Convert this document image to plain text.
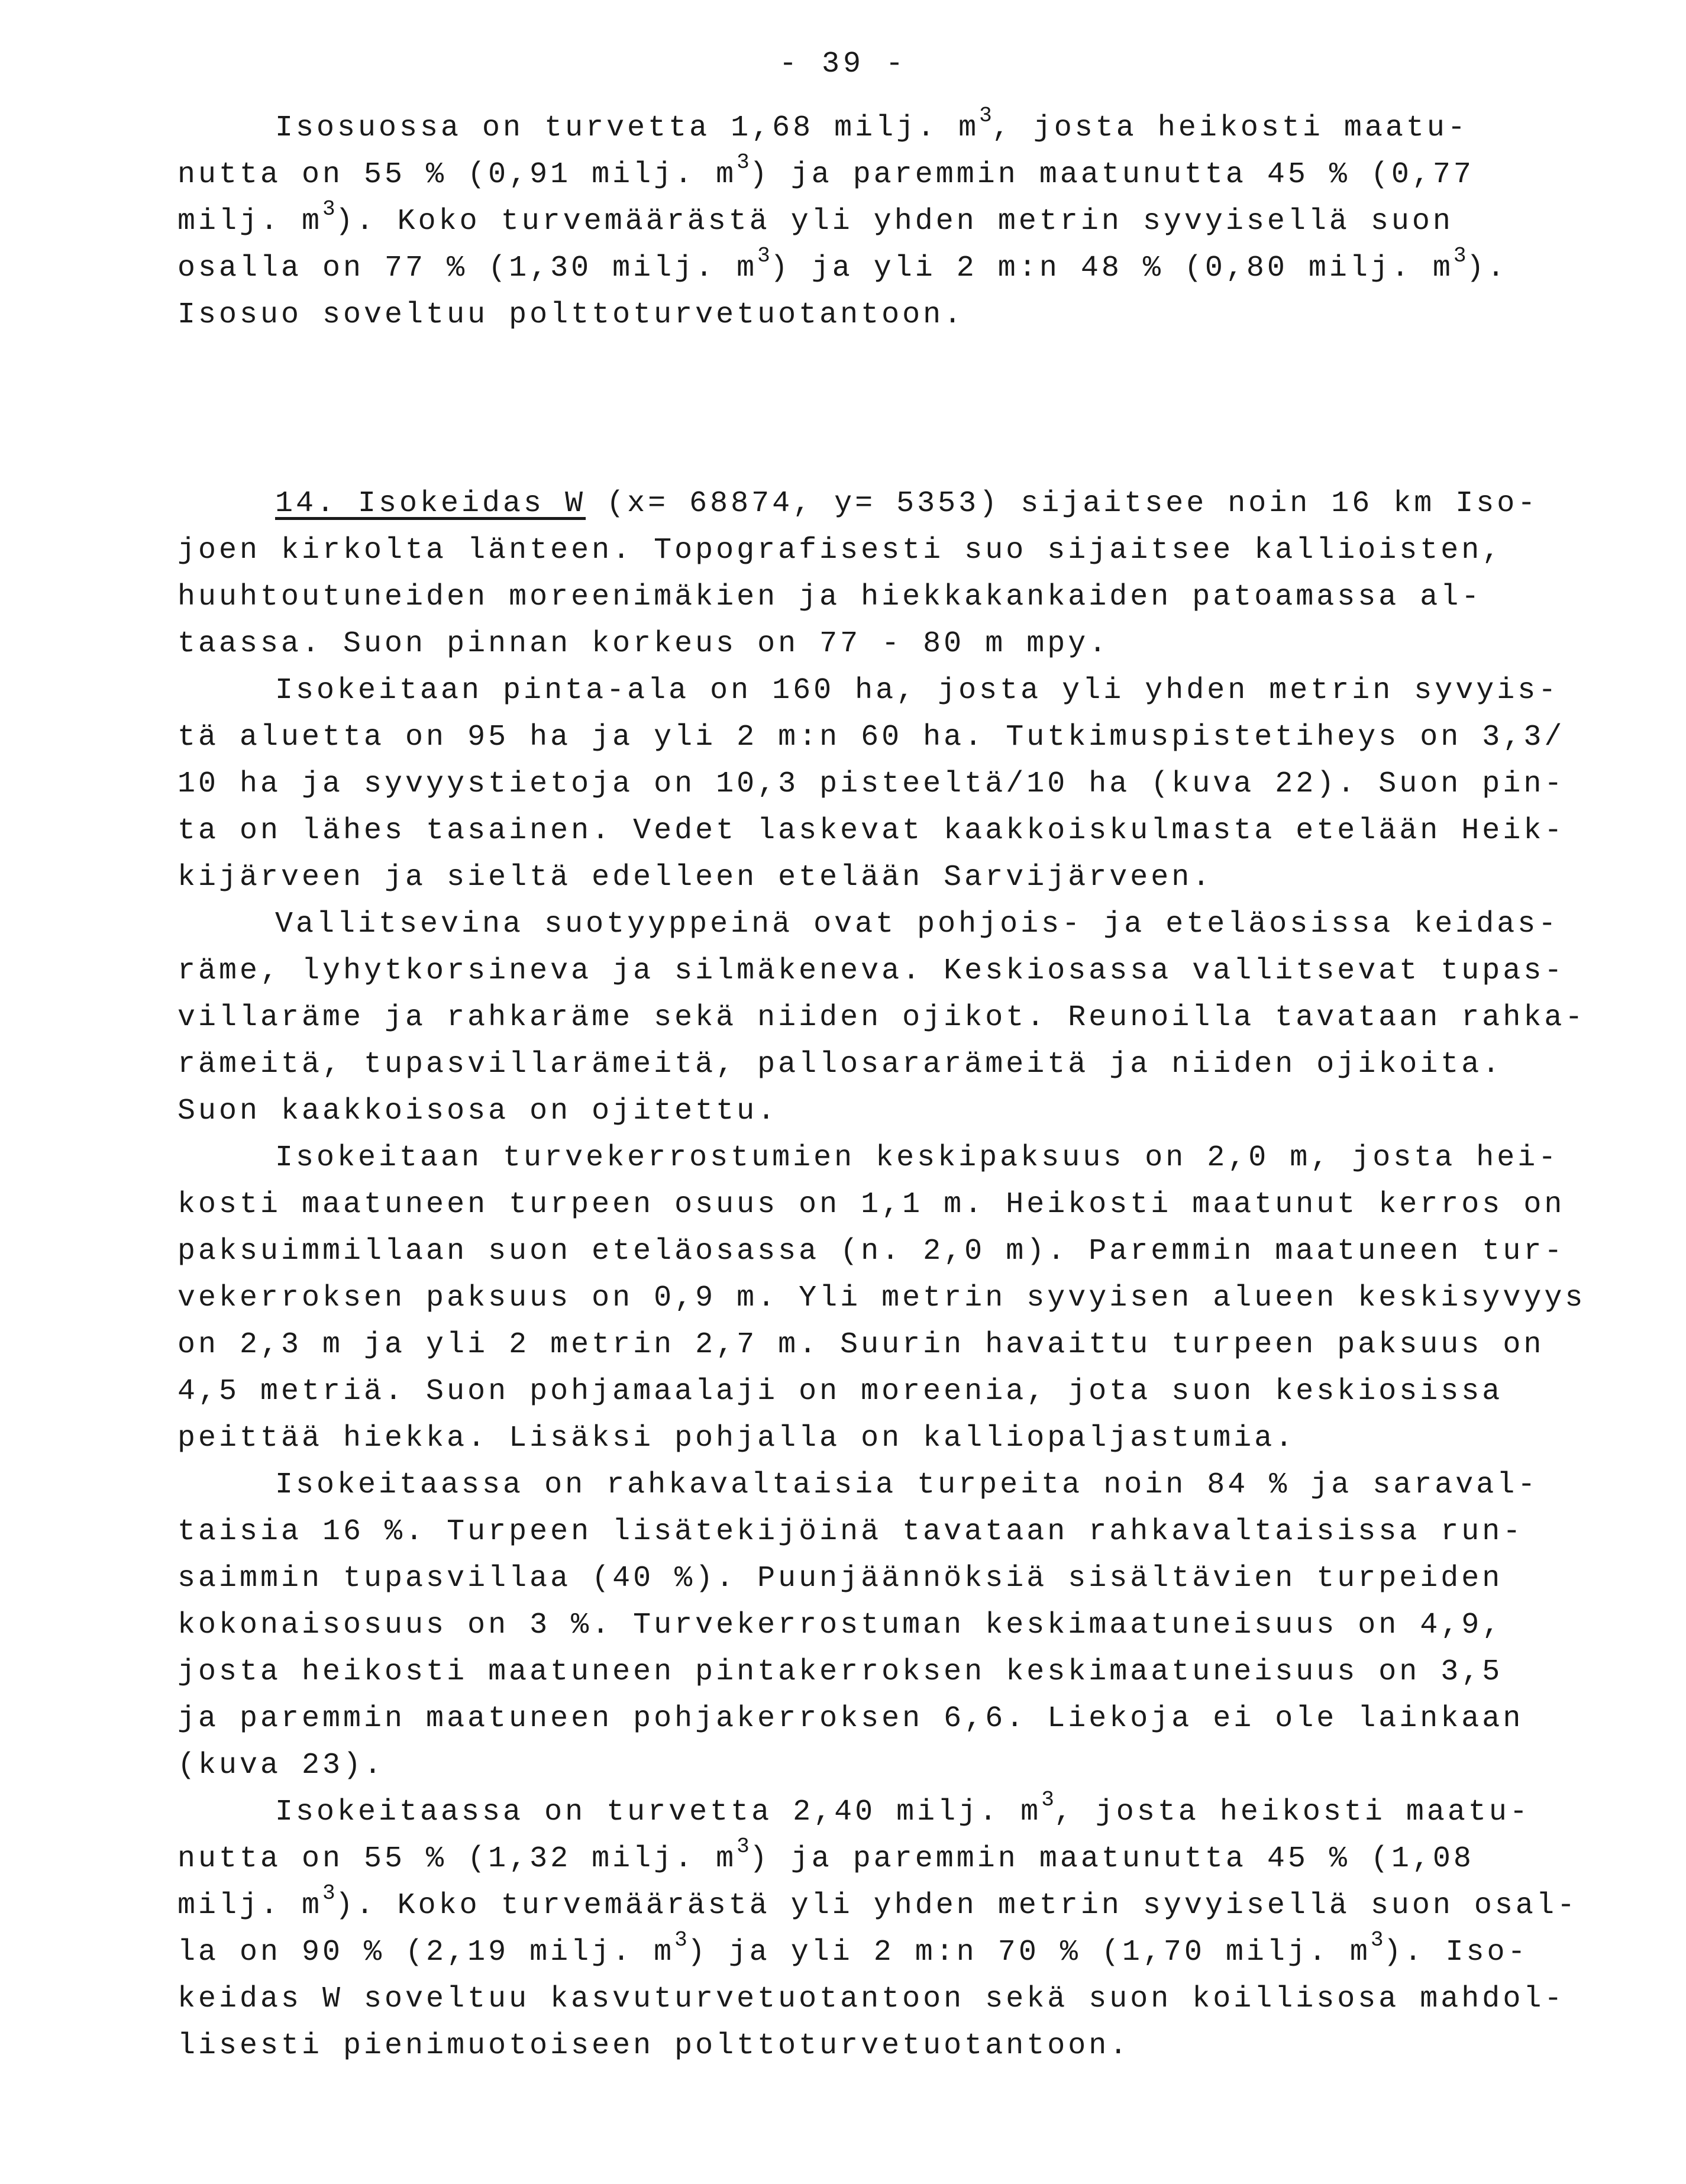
- 39 -
Isosuossa on turvetta 1,68 milj. $m^3$, josta heikosti maatu-
nutta on 55 % (0,91 milj. $m^3$) ja paremmin maatunutta 45 % (0,77
milj. $m^3$). Koko turvemäärästä yli yhden metrin syvyisellä suon
osalla on 77 % (1,30 milj. $m^3$) ja yli 2 m:n 48 % (0,80 milj. $m^3$).
Isosuo soveltuu polttoturvetuotantoon.
14. Isokeidas W (x= 68874, y= 5353) sijaitsee noin 16 km Iso-
joen kirkolta länteen. Topografisesti suo sijaitsee kallioisten,
huuhtoutuneiden moreenimäkien ja hiekkakankaiden patoamassa al-
taassa. Suon pinnan korkeus on 77 - 80 m mpy.
Isokeitaan pinta-ala on 160 ha, josta yli yhden metrin syvyis-
tä aluetta on 95 ha ja yli 2 m:n 60 ha. Tutkimuspistetiheys on 3,3/
10 ha ja syvyystietoja on 10,3 pisteeltä/10 ha (kuva 22). Suon pin-
ta on lähes tasainen. Vedet laskevat kaakkoiskulmasta etelään Heik-
kijärveen ja sieltä edelleen etelään Sarvijärveen.
Vallitsevina suotyyppeinä ovat pohjois- ja eteläosissa keidas-
räme, lyhytkorsineva ja silmäkeneva. Keskiosassa vallitsevat tupas-
villaräme ja rahkaräme sekä niiden ojikot. Reunoilla tavataan rahka-
rämeitä, tupasvillarämeitä, pallosararämeitä ja niiden ojikoita.
Suon kaakkoisosa on ojitettu.
Isokeitaan turvekerrostumien keskipaksuus on 2,0 m, josta hei-
kosti maatuneen turpeen osuus on 1,1 m. Heikosti maatunut kerros on
paksuimmillaan suon eteläosassa (n. 2,0 m). Paremmin maatuneen tur-
vekerroksen paksuus on 0,9 m. Yli metrin syvyisen alueen keskisyvyys
on 2,3 m ja yli 2 metrin 2,7 m. Suurin havaittu turpeen paksuus on
4,5 metriä. Suon pohjamaalaji on moreenia, jota suon keskiosissa
peittää hiekka. Lisäksi pohjalla on kalliopaljastumia.
Isokeitaassa on rahkavaltaisia turpeita noin 84 % ja saraval-
taisia 16 %. Turpeen lisätekijöinä tavataan rahkavaltaisissa run-
saimmin tupasvillaa (40 %). Puunjäännöksiä sisältävien turpeiden
kokonaisosuus on 3 %. Turvekerrostuman keskimaatuneisuus on 4,9,
josta heikosti maatuneen pintakerroksen keskimaatuneisuus on 3,5
ja paremmin maatuneen pohjakerroksen 6,6. Liekoja ei ole lainkaan
(kuva 23).
Isokeitaassa on turvetta 2,40 milj. $m^3$, josta heikosti maatu-
nutta on 55 % (1,32 milj. $m^3$) ja paremmin maatunutta 45 % (1,08
milj. $m^3$). Koko turvemäärästä yli yhden metrin syvyisellä suon osal-
la on 90 % (2,19 milj. $m^3$) ja yli 2 m:n 70 % (1,70 milj. $m^3$). Iso-
keidas W soveltuu kasvuturvetuotantoon sekä suon koillisosa mahdol-
lisesti pienimuotoiseen polttoturvetuotantoon.
